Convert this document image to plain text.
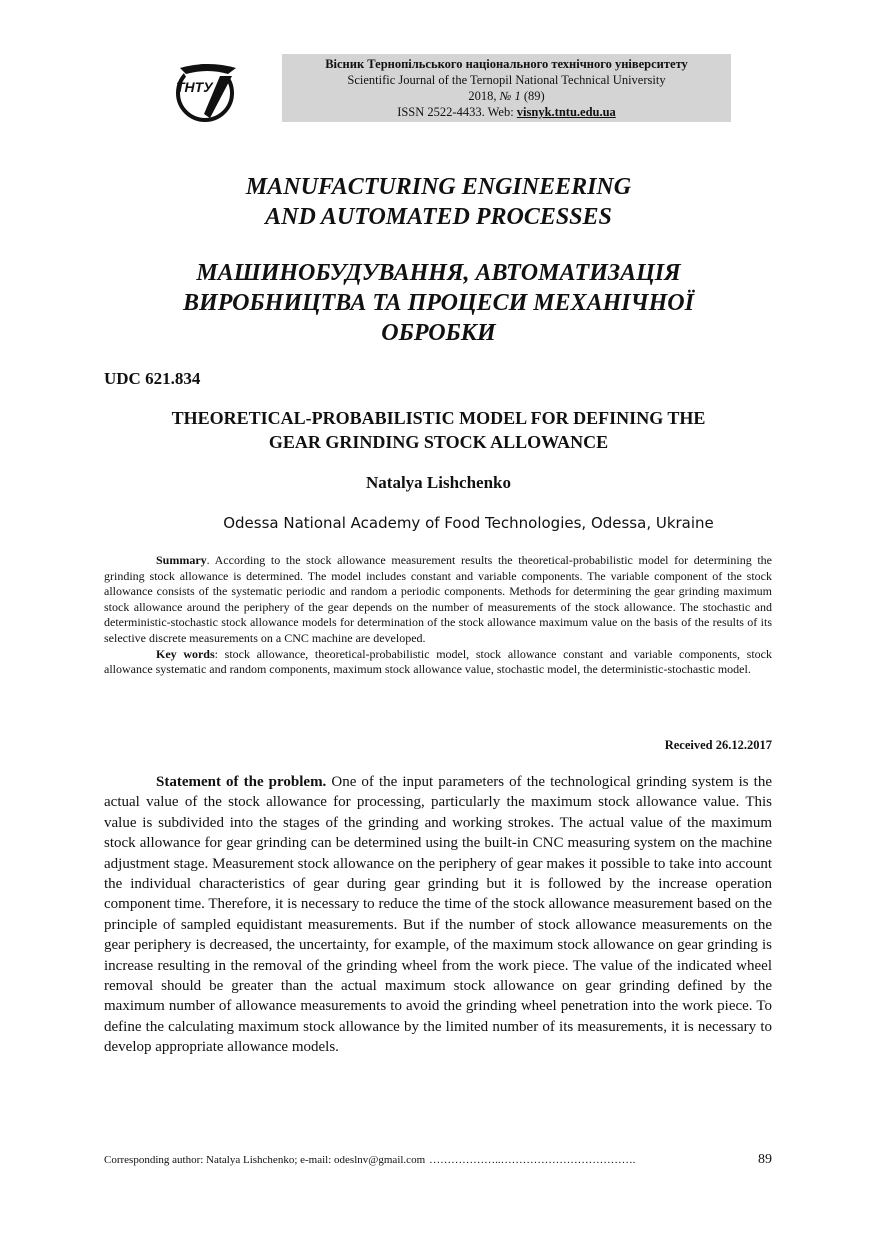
ТНТУ
Вісник Тернопільського національного технічного університету
Scientific Journal of the Ternopil National Technical University
2018, № 1 (89)
ISSN 2522-4433. Web: visnyk.tntu.edu.ua
MANUFACTURING ENGINEERING
AND AUTOMATED PROCESSES
МАШИНОБУДУВАННЯ, АВТОМАТИЗАЦІЯ
ВИРОБНИЦТВА ТА ПРОЦЕСИ МЕХАНІЧНОЇ
ОБРОБКИ
UDC 621.834
THEORETICAL-PROBABILISTIC MODEL FOR DEFINING THE
GEAR GRINDING STOCK ALLOWANCE
Natalya Lishchenko
Odessa National Academy of Food Technologies, Odessa, Ukraine

Summary. According to the stock allowance measurement results the theoretical-probabilistic model for determining the grinding stock allowance is determined. The model includes constant and variable components. The variable component of the stock allowance consists of the systematic periodic and random a periodic components. Methods for determining the gear grinding maximum stock allowance around the periphery of the gear depends on the number of measurements of the stock allowance. The stochastic and deterministic-stochastic stock allowance models for determination of the stock allowance maximum value on the basis of the results of its selective discrete measurements on a CNC machine are developed.

Key words: stock allowance, theoretical-probabilistic model, stock allowance constant and variable components, stock allowance systematic and random components, maximum stock allowance value, stochastic model, the deterministic-stochastic model.

Received 26.12.2017

Statement of the problem. One of the input parameters of the technological grinding system is the actual value of the stock allowance for processing, particularly the maximum stock allowance value. This value is subdivided into the stages of the grinding and working strokes. The actual value of the maximum stock allowance for gear grinding can be determined using the built-in CNC measuring system on the machine adjustment stage. Measurement stock allowance on the periphery of gear makes it possible to take into account the individual characteristics of gear during gear grinding but it is followed by the increase operation component time. Therefore, it is necessary to reduce the time of the stock allowance measurement based on the principle of sampled equidistant measurements. But if the number of stock allowance measurements on the gear periphery is decreased, the uncertainty, for example, of the maximum stock allowance on gear grinding is increase resulting in the removal of the grinding wheel from the work piece. The value of the indicated wheel removal should be greater than the actual maximum stock allowance on gear grinding defined by the maximum number of allowance measurements to avoid the grinding wheel penetration into the work piece. To define the calculating maximum stock allowance by the limited number of its measurements, it is necessary to develop appropriate allowance models.

Corresponding author: Natalya Lishchenko; e-mail: odeslnv@gmail.com ………………..……………………………….	89
